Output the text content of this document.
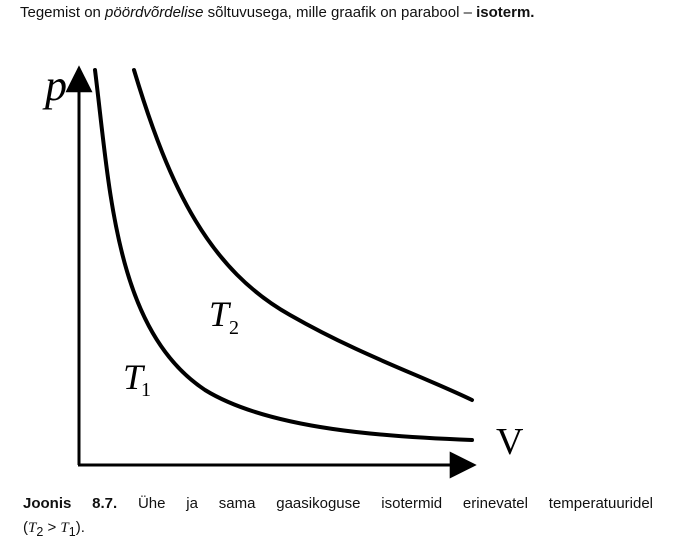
Tegemist on pöördvõrdelise sõltuvusega, mille graafik on parabool – isoterm.
p
V
T
1
T 2
Joonis 8.7. Ühe ja sama gaasikoguse isotermid erinevatel temperatuuridel
$(T_2 > T_1)$.
